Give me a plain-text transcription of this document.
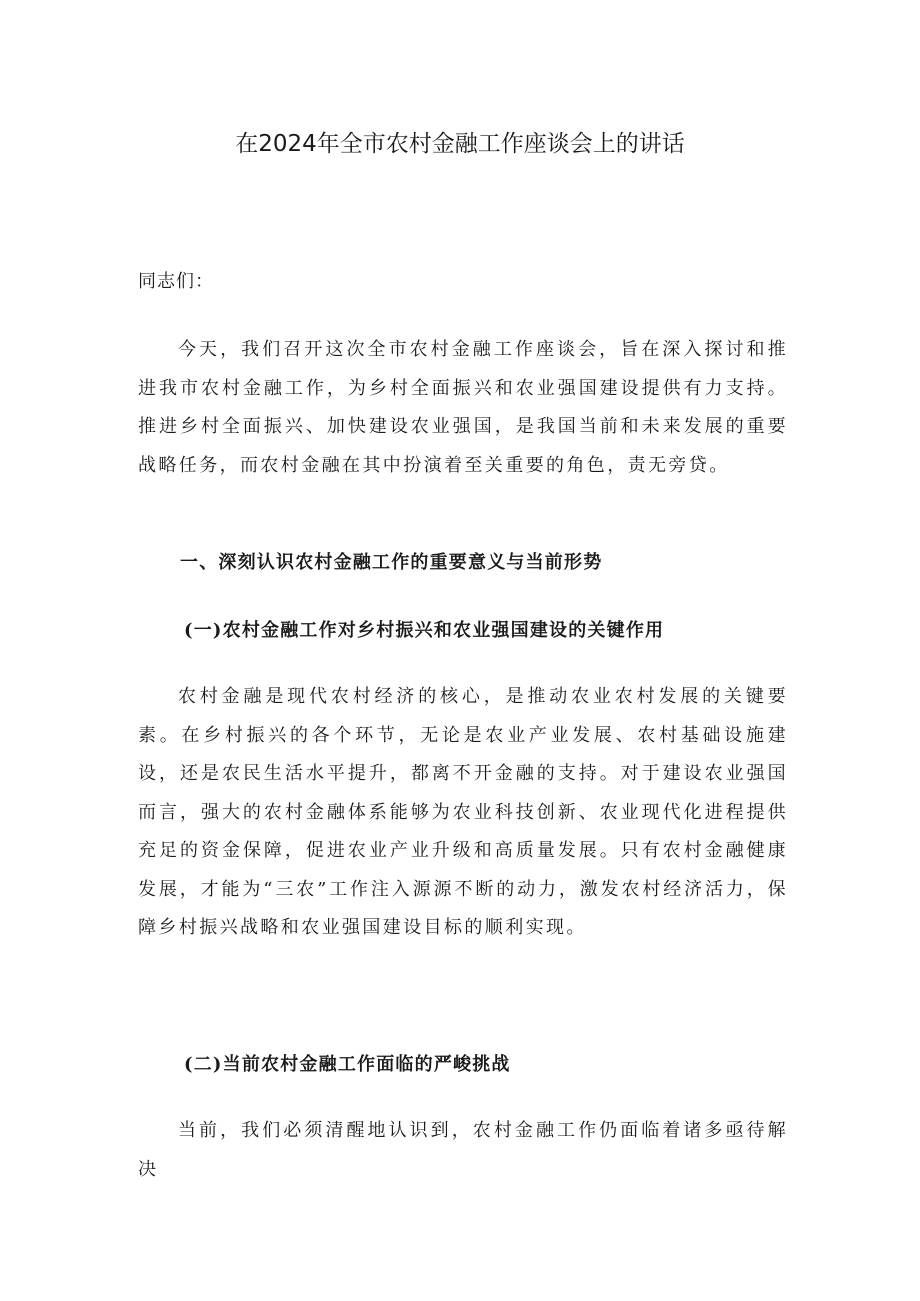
在2024年全市农村金融工作座谈会上的讲话

同志们：

今天，我们召开这次全市农村金融工作座谈会，旨在深入探讨和推进我市农村金融工作，为乡村全面振兴和农业强国建设提供有力支持。推进乡村全面振兴、加快建设农业强国，是我国当前和未来发展的重要战略任务，而农村金融在其中扮演着至关重要的角色，责无旁贷。

一、深刻认识农村金融工作的重要意义与当前形势

(一)农村金融工作对乡村振兴和农业强国建设的关键作用

农村金融是现代农村经济的核心，是推动农业农村发展的关键要素。在乡村振兴的各个环节，无论是农业产业发展、农村基础设施建设，还是农民生活水平提升，都离不开金融的支持。对于建设农业强国而言，强大的农村金融体系能够为农业科技创新、农业现代化进程提供充足的资金保障，促进农业产业升级和高质量发展。只有农村金融健康发展，才能为“三农”工作注入源源不断的动力，激发农村经济活力，保障乡村振兴战略和农业强国建设目标的顺利实现。

(二)当前农村金融工作面临的严峻挑战

当前，我们必须清醒地认识到，农村金融工作仍面临着诸多亟待解决
